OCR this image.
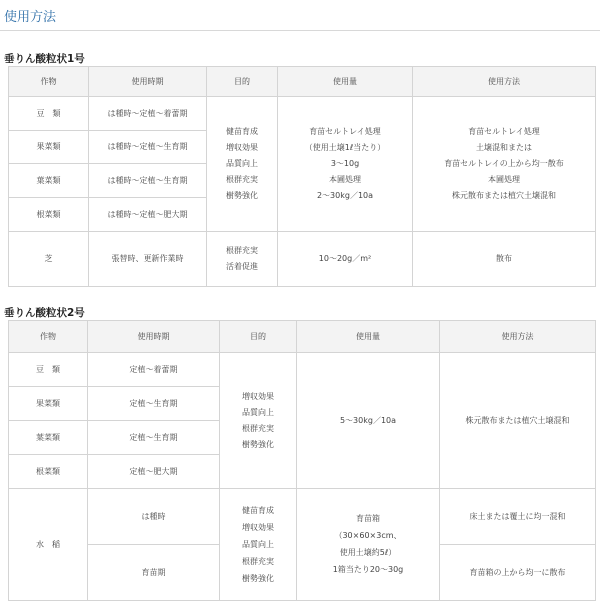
使用方法
垂りん酸粒状1号
作物	使用時期	目的	使用量	使用方法
豆　類	は種時～定植～着蕾期	健苗育成
増収効果
品質向上
根群充実
樹勢強化	育苗セルトレイ処理
（使用土壌1ℓ当たり）
3～10g
本圃処理
2～30kg／10a	育苗セルトレイ処理
土壌混和または
育苗セルトレイの上から均一散布
本圃処理
株元散布または植穴土壌混和

果菜類	は種時～定植～生育期			
葉菜類	は種時～定植～生育期			
根菜類	は種時～定植～肥大期			
芝	張替時、更新作業時	根群充実
活着促進	10～20g／m²	散布
垂りん酸粒状2号
作物	使用時期	目的	使用量	使用方法
豆　類	定植～着蕾期	増収効果
品質向上
根群充実
樹勢強化	5～30kg／10a	株元散布または植穴土壌混和
果菜類	定植～生育期			
葉菜類	定植～生育期			
根菜類	定植～肥大期			
水　稲	は種時	健苗育成
増収効果
品質向上
根群充実
樹勢強化	育苗箱
（30×60×3cm、
使用土壌約5ℓ）
1箱当たり20～30g	床土または覆土に均一混和
	育苗期			育苗箱の上から均一に散布
